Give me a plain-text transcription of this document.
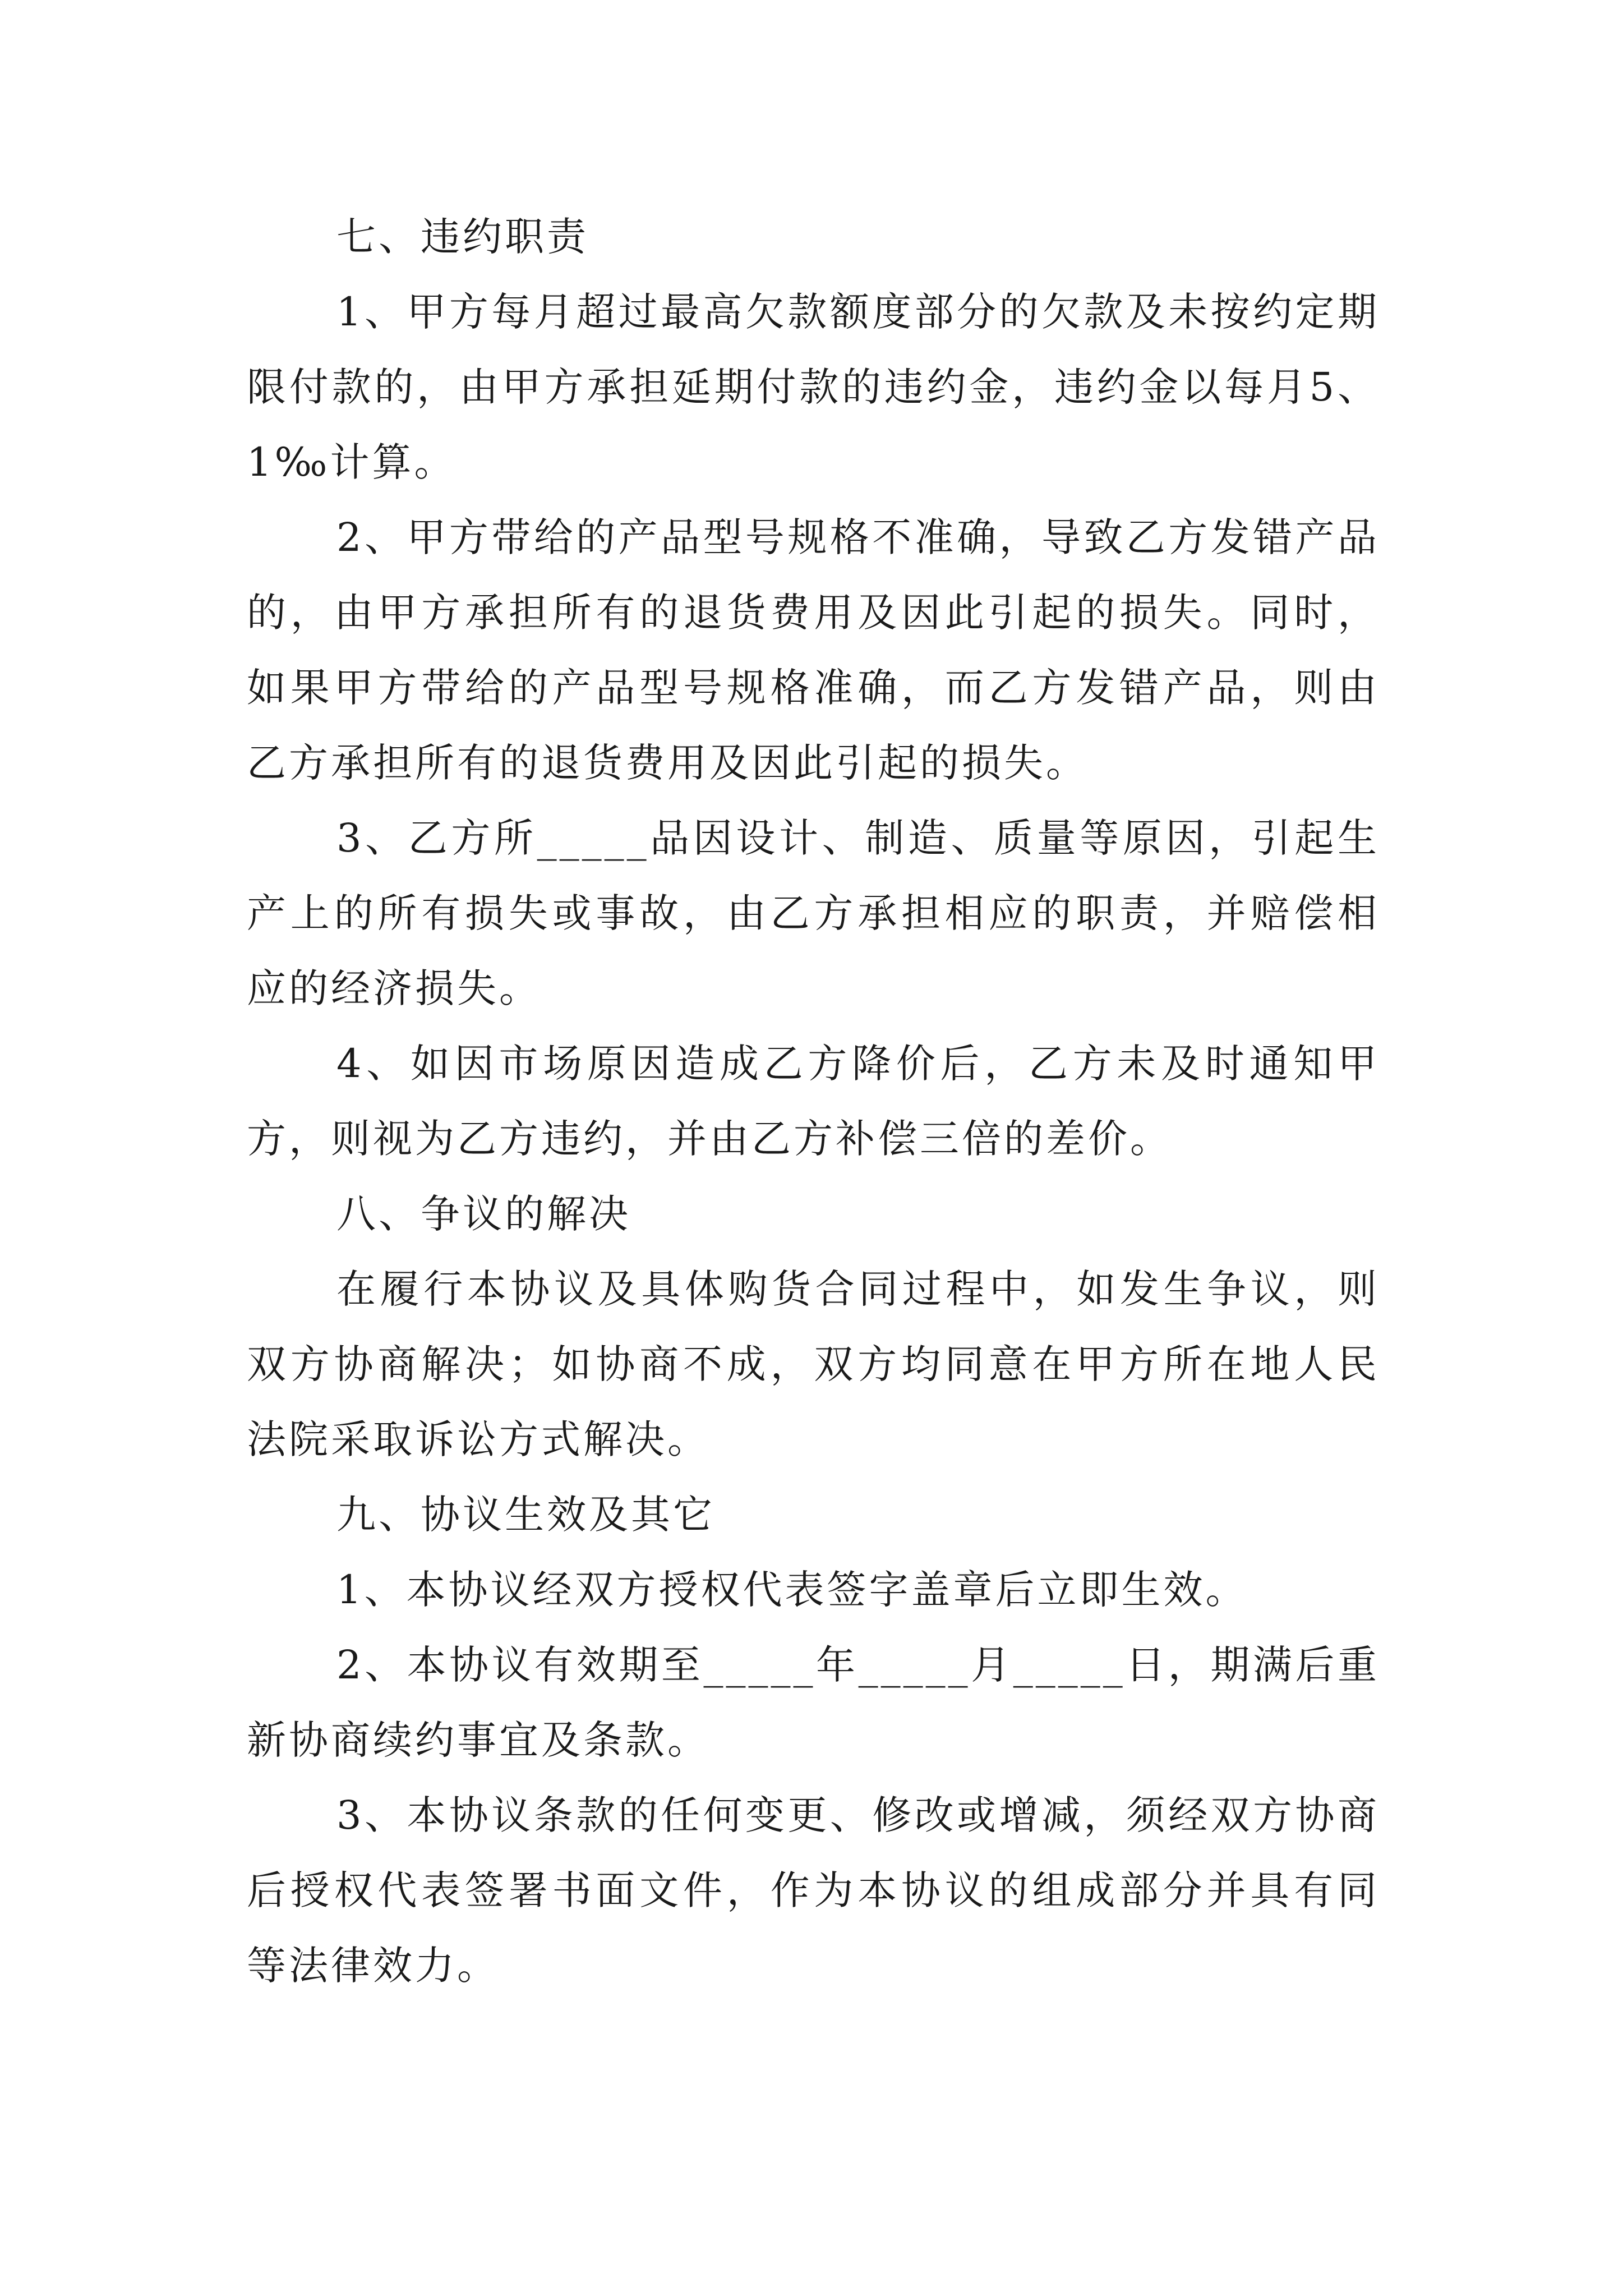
七、违约职责

1、甲方每月超过最高欠款额度部分的欠款及未按约定期限付款的，由甲方承担延期付款的违约金，违约金以每月5、1‰计算。

2、甲方带给的产品型号规格不准确，导致乙方发错产品的，由甲方承担所有的退货费用及因此引起的损失。同时，如果甲方带给的产品型号规格准确，而乙方发错产品，则由乙方承担所有的退货费用及因此引起的损失。

3、乙方所_____品因设计、制造、质量等原因，引起生产上的所有损失或事故，由乙方承担相应的职责，并赔偿相应的经济损失。

4、如因市场原因造成乙方降价后，乙方未及时通知甲方，则视为乙方违约，并由乙方补偿三倍的差价。

八、争议的解决

在履行本协议及具体购货合同过程中，如发生争议，则双方协商解决；如协商不成，双方均同意在甲方所在地人民法院采取诉讼方式解决。

九、协议生效及其它

1、本协议经双方授权代表签字盖章后立即生效。

2、本协议有效期至_____年_____月_____日，期满后重新协商续约事宜及条款。

3、本协议条款的任何变更、修改或增减，须经双方协商后授权代表签署书面文件，作为本协议的组成部分并具有同等法律效力。
